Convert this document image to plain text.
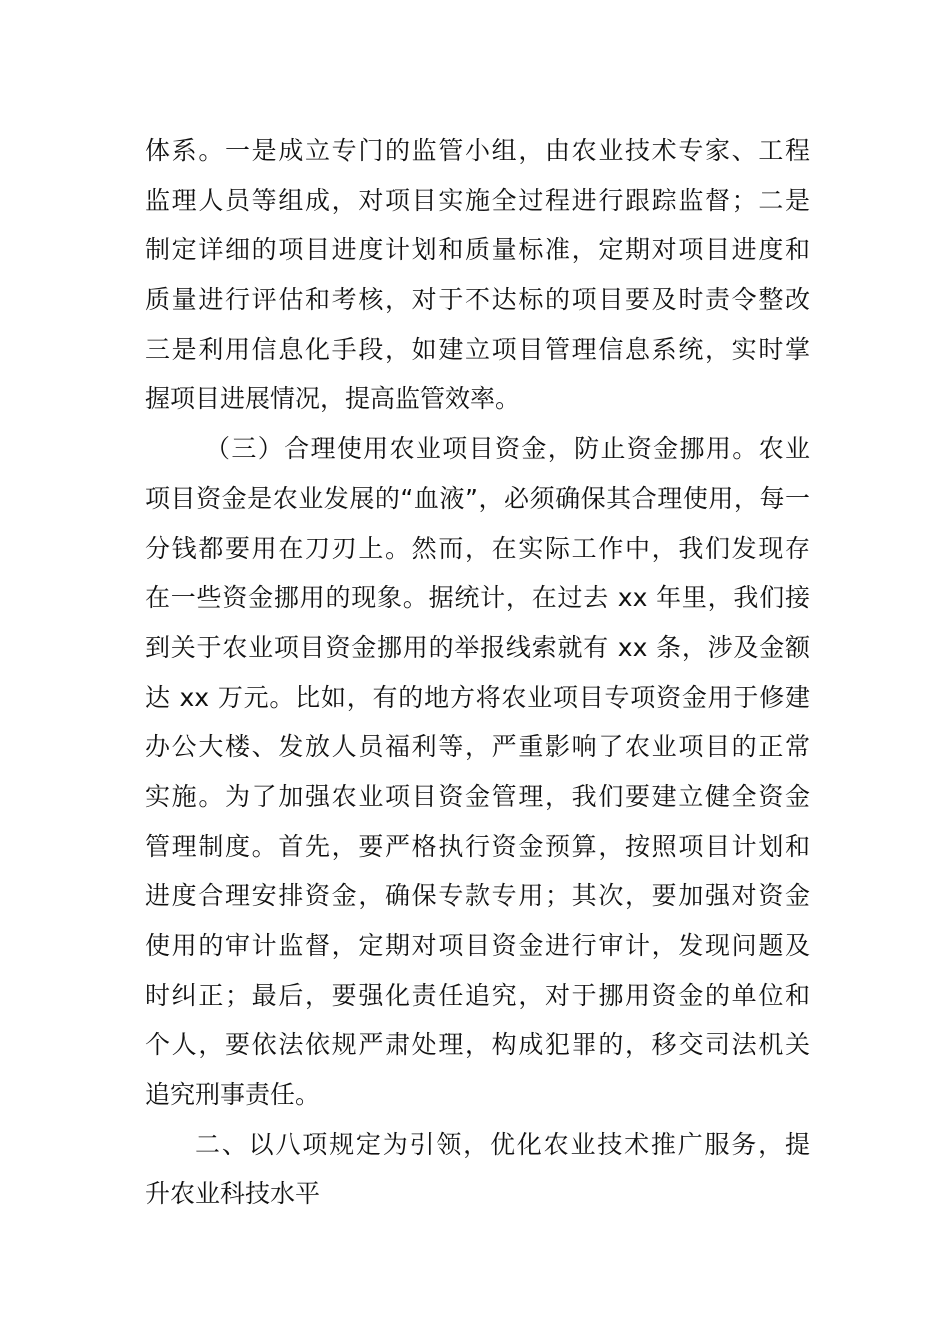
体系。一是成立专门的监管小组，由农业技术专家、工程
监理人员等组成，对项目实施全过程进行跟踪监督；二是
制定详细的项目进度计划和质量标准，定期对项目进度和
质量进行评估和考核，对于不达标的项目要及时责令整改
三是利用信息化手段，如建立项目管理信息系统，实时掌
握项目进展情况，提高监管效率。
（三）合理使用农业项目资金，防止资金挪用。农业
项目资金是农业发展的“血液”，必须确保其合理使用，每一
分钱都要用在刀刃上。然而，在实际工作中，我们发现存
在一些资金挪用的现象。据统计，在过去 xx 年里，我们接
到关于农业项目资金挪用的举报线索就有 xx 条，涉及金额
达 xx 万元。比如，有的地方将农业项目专项资金用于修建
办公大楼、发放人员福利等，严重影响了农业项目的正常
实施。为了加强农业项目资金管理，我们要建立健全资金
管理制度。首先，要严格执行资金预算，按照项目计划和
进度合理安排资金，确保专款专用；其次，要加强对资金
使用的审计监督，定期对项目资金进行审计，发现问题及
时纠正；最后，要强化责任追究，对于挪用资金的单位和
个人，要依法依规严肃处理，构成犯罪的，移交司法机关
追究刑事责任。
二、以八项规定为引领，优化农业技术推广服务，提
升农业科技水平
